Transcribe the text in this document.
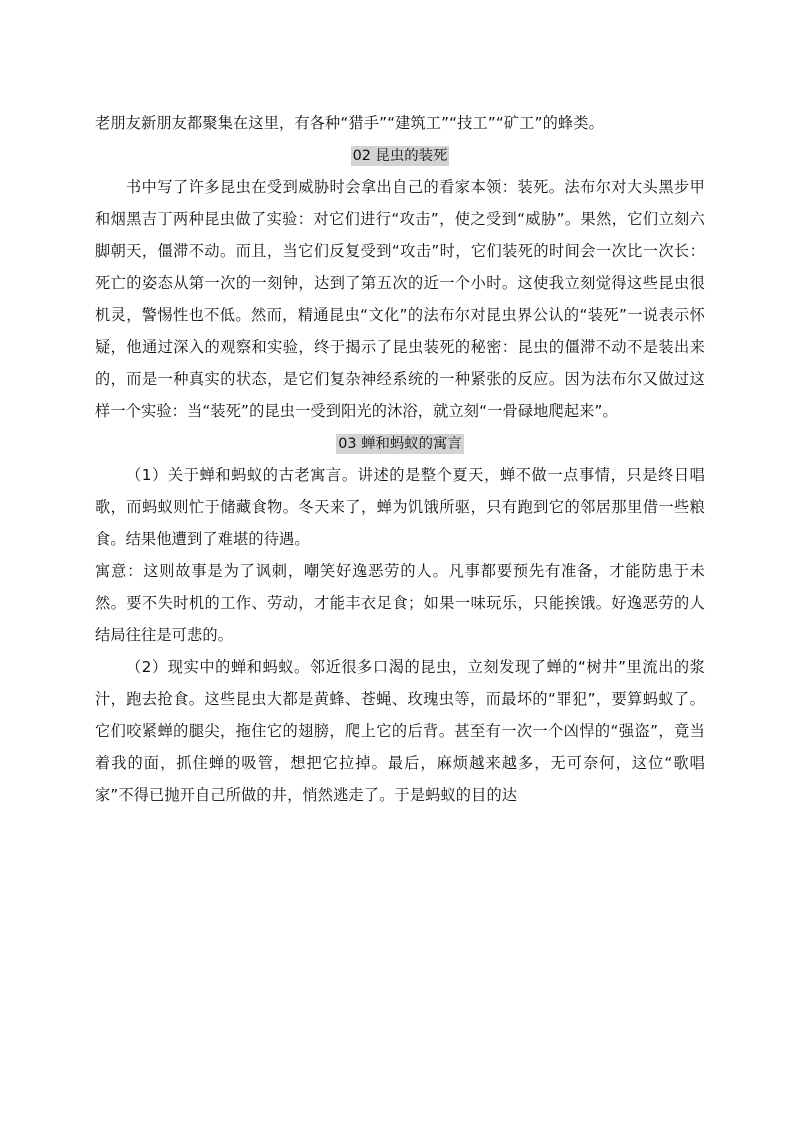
老朋友新朋友都聚集在这里，有各种“猎手”“建筑工”“技工”“矿工”的蜂类。

02 昆虫的装死

书中写了许多昆虫在受到威胁时会拿出自己的看家本领：装死。法布尔对大头黑步甲和烟黑吉丁两种昆虫做了实验：对它们进行“攻击”，使之受到“威胁”。果然，它们立刻六脚朝天，僵滞不动。而且，当它们反复受到“攻击”时，它们装死的时间会一次比一次长：死亡的姿态从第一次的一刻钟，达到了第五次的近一个小时。这使我立刻觉得这些昆虫很机灵，警惕性也不低。然而，精通昆虫“文化”的法布尔对昆虫界公认的“装死”一说表示怀疑，他通过深入的观察和实验，终于揭示了昆虫装死的秘密：昆虫的僵滞不动不是装出来的，而是一种真实的状态，是它们复杂神经系统的一种紧张的反应。因为法布尔又做过这样一个实验：当“装死”的昆虫一受到阳光的沐浴，就立刻“一骨碌地爬起来”。

03 蝉和蚂蚁的寓言

（1）关于蝉和蚂蚁的古老寓言。讲述的是整个夏天，蝉不做一点事情，只是终日唱歌，而蚂蚁则忙于储藏食物。冬天来了，蝉为饥饿所驱，只有跑到它的邻居那里借一些粮食。结果他遭到了难堪的待遇。

寓意：这则故事是为了讽刺，嘲笑好逸恶劳的人。凡事都要预先有准备，才能防患于未然。要不失时机的工作、劳动，才能丰衣足食；如果一味玩乐，只能挨饿。好逸恶劳的人结局往往是可悲的。

（2）现实中的蝉和蚂蚁。邻近很多口渴的昆虫，立刻发现了蝉的“树井”里流出的浆汁，跑去抢食。这些昆虫大都是黄蜂、苍蝇、玫瑰虫等，而最坏的“罪犯”，要算蚂蚁了。它们咬紧蝉的腿尖，拖住它的翅膀，爬上它的后背。甚至有一次一个凶悍的“强盗”，竟当着我的面，抓住蝉的吸管，想把它拉掉。最后，麻烦越来越多，无可奈何，这位“歌唱家”不得已抛开自己所做的井，悄然逃走了。于是蚂蚁的目的达
